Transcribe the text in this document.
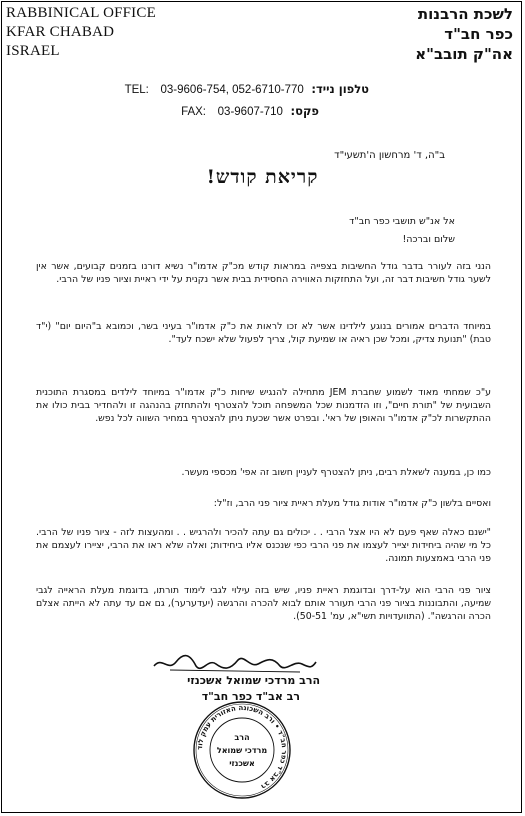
RABBINICAL OFFICE
KFAR CHABAD
ISRAEL
לשכת הרבנות
כפר חב"ד
אה"ק תובב"א
טלפון נייד: 052-6710-770 ,03-9606-754 TEL:
פקס: 03-9607-710 FAX:
ב"ה, ד' מרחשון ה'תשעי"ד
קריאת קודש!
אל אנ"ש תושבי כפר חב"ד
שלום וברכה!
הנני בזה לעורר בדבר גודל החשיבות בצפייה במראות קודש מכ"ק אדמו"ר נשיא דורנו בזמנים קבועים, אשר אין לשער גודל חשיבות דבר זה, ועל התחזקות האווירה החסידית בבית אשר נקנית על ידי ראיית וציור פניו של הרבי.
במיוחד הדברים אמורים בנוגע לילדינו אשר לא זכו לראות את כ"ק אדמו"ר בעיני בשר, וכמובא ב"היום יום" (י"ד טבת) "תנועת צדיק, ומכל שכן ראיה או שמיעת קול, צריך לפעול שלא ישכח לעד".
ע"כ שמחתי מאוד לשמוע שחברת JEM מתחילה להנגיש שיחות כ"ק אדמו"ר במיוחד לילדים במסגרת התוכנית השבועית של "תורת חיים", וזו הזדמנות שכל המשפחה תוכל להצטרף ולהתחזק בהנהגה זו ולהחדיר בבית כולו את ההתקשרות לכ"ק אדמו"ר והאופן של ראי'. ובפרט אשר שכעת ניתן להצטרף במחיר השווה לכל נפש.
כמו כן, במענה לשאלת רבים, ניתן להצטרף לעניין חשוב זה אפי' מכספי מעשר.
ואסיים בלשון כ"ק אדמו"ר אודות גודל מעלת ראיית ציור פני הרב, וז"ל:
"ישנם כאלה שאף פעם לא היו אצל הרבי . . יכולים גם עתה להכיר ולהרגיש . . ומהעצות לזה - ציור פניו של הרבי. כל מי שהיה ביחידות יצייר לעצמו את פני הרבי כפי שנכנס אליו ביחידות; ואלה שלא ראו את הרבי, יציירו לעצמם את פני הרבי באמצעות תמונה.
ציור פני הרבי הוא על-דרך ובדוגמת ראיית פניו, שיש בזה עילוי לגבי לימוד תורתו, בדוגמת מעלת הראייה לגבי שמיעה, והתבוננות בציור פני הרבי תעורר אותם לבוא להכרה והרגשה (יעדערער), גם אם עד עתה לא הייתה אצלם הכרה והרגשה". (התוועדויות תשי"א, עמ' 50-51).
הרב מרדכי שמואל אשכנזי
רב אב"ד כפר חב"ד
רב אב"ד כפר חב"ד • ורב השכונה האזורית עמק לוד
הרב
מרדכי שמואל
אשכנזי
